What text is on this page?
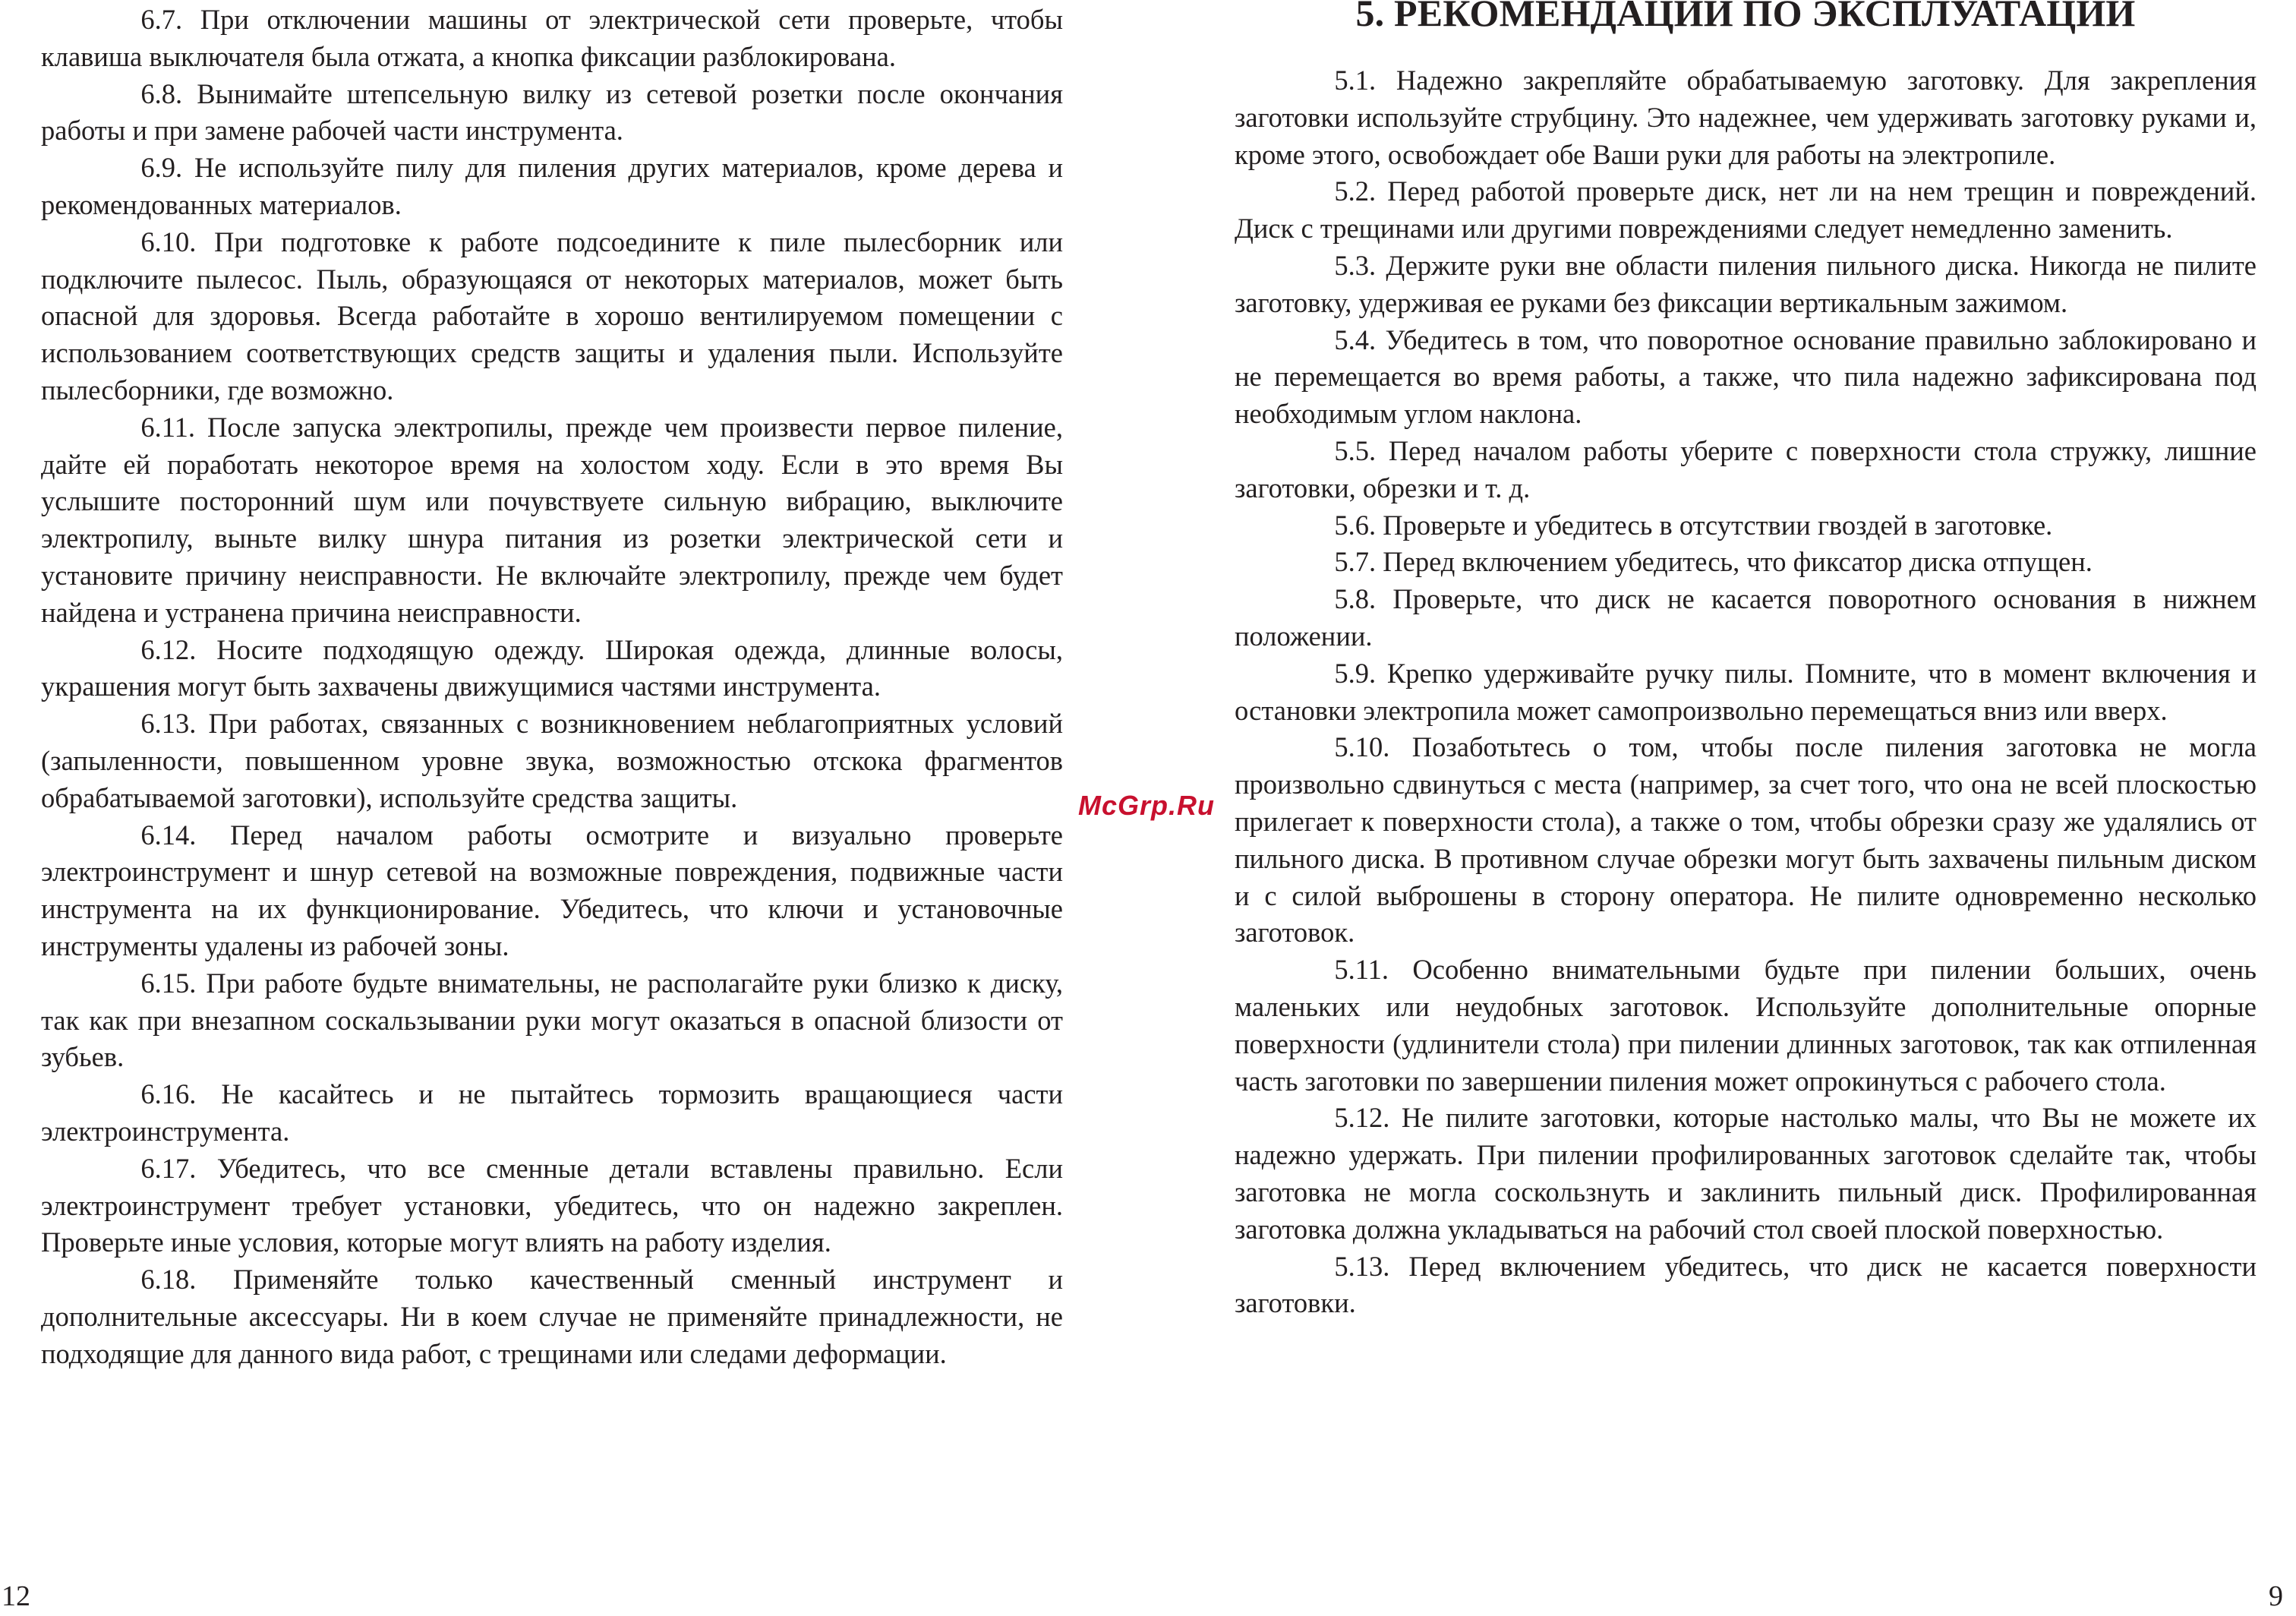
6.7. При отключении машины от электрической сети проверьте, чтобы клавиша выключателя была отжата, а кнопка фиксации разблокирована.

6.8. Вынимайте штепсельную вилку из сетевой розетки после окончания работы и при замене рабочей части инструмента.

6.9. Не используйте пилу для пиления других материалов, кроме дерева и рекомендованных материалов.

6.10. При подготовке к работе подсоедините к пиле пылесборник или подключите пылесос. Пыль, образующаяся от некоторых материалов, может быть опасной для здоровья. Всегда работайте в хорошо вентилируемом помещении с использованием соответствующих средств защиты и удаления пыли. Используйте пылесборники, где возможно.

6.11. После запуска электропилы, прежде чем произвести первое пиление, дайте ей поработать некоторое время на холостом ходу. Если в это время Вы услышите посторонний шум или почувствуете сильную вибрацию, выключите электропилу, выньте вилку шнура питания из розетки электрической сети и установите причину неисправности. Не включайте электропилу, прежде чем будет найдена и устранена причина неисправности.

6.12. Носите подходящую одежду. Широкая одежда, длинные волосы, украшения могут быть захвачены движущимися частями инструмента.

6.13. При работах, связанных с возникновением неблагоприятных условий (запыленности, повышенном уровне звука, возможностью отскока фрагментов обрабатываемой заготовки), используйте средства защиты.

6.14. Перед началом работы осмотрите и визуально проверьте электроинструмент и шнур сетевой на возможные повреждения, подвижные части инструмента на их функционирование. Убедитесь, что ключи и установочные инструменты удалены из рабочей зоны.

6.15. При работе будьте внимательны, не располагайте руки близко к диску, так как при внезапном соскальзывании руки могут оказаться в опасной близости от зубьев.

6.16. Не касайтесь и не пытайтесь тормозить вращающиеся части электроинструмента.

6.17. Убедитесь, что все сменные детали вставлены правильно. Если электроинструмент требует установки, убедитесь, что он надежно закреплен. Проверьте иные условия, которые могут влиять на работу изделия.

6.18. Применяйте только качественный сменный инструмент и дополнительные аксессуары. Ни в коем случае не применяйте принадлежности, не подходящие для данного вида работ, с трещинами или следами деформации.

12
McGrp.Ru
5. РЕКОМЕНДАЦИИ ПО ЭКСПЛУАТАЦИИ

5.1. Надежно закрепляйте обрабатываемую заготовку. Для закрепления заготовки используйте струбцину. Это надежнее, чем удерживать заготовку руками и, кроме этого, освобождает обе Ваши руки для работы на электропиле.

5.2. Перед работой проверьте диск, нет ли на нем трещин и повреждений. Диск с трещинами или другими повреждениями следует немедленно заменить.

5.3. Держите руки вне области пиления пильного диска. Никогда не пилите заготовку, удерживая ее руками без фиксации вертикальным зажимом.

5.4. Убедитесь в том, что поворотное основание правильно заблокировано и не перемещается во время работы, а также, что пила надежно зафиксирована под необходимым углом наклона.

5.5. Перед началом работы уберите с поверхности стола стружку, лишние заготовки, обрезки и т. д.

5.6. Проверьте и убедитесь в отсутствии гвоздей в заготовке.

5.7. Перед включением убедитесь, что фиксатор диска отпущен.

5.8. Проверьте, что диск не касается поворотного основания в нижнем положении.

5.9. Крепко удерживайте ручку пилы. Помните, что в момент включения и остановки электропила может самопроизвольно перемещаться вниз или вверх.

5.10. Позаботьтесь о том, чтобы после пиления заготовка не могла произвольно сдвинуться с места (например, за счет того, что она не всей плоскостью прилегает к поверхности стола), а также о том, чтобы обрезки сразу же удалялись от пильного диска. В противном случае обрезки могут быть захвачены пильным диском и с силой выброшены в сторону оператора. Не пилите одновременно несколько заготовок.

5.11. Особенно внимательными будьте при пилении больших, очень маленьких или неудобных заготовок. Используйте дополнительные опорные поверхности (удлинители стола) при пилении длинных заготовок, так как отпиленная часть заготовки по завершении пиления может опрокинуться с рабочего стола.

5.12. Не пилите заготовки, которые настолько малы, что Вы не можете их надежно удержать. При пилении профилированных заготовок сделайте так, чтобы заготовка не могла соскользнуть и заклинить пильный диск. Профилированная заготовка должна укладываться на рабочий стол своей плоской поверхностью.

5.13. Перед включением убедитесь, что диск не касается поверхности заготовки.

9
